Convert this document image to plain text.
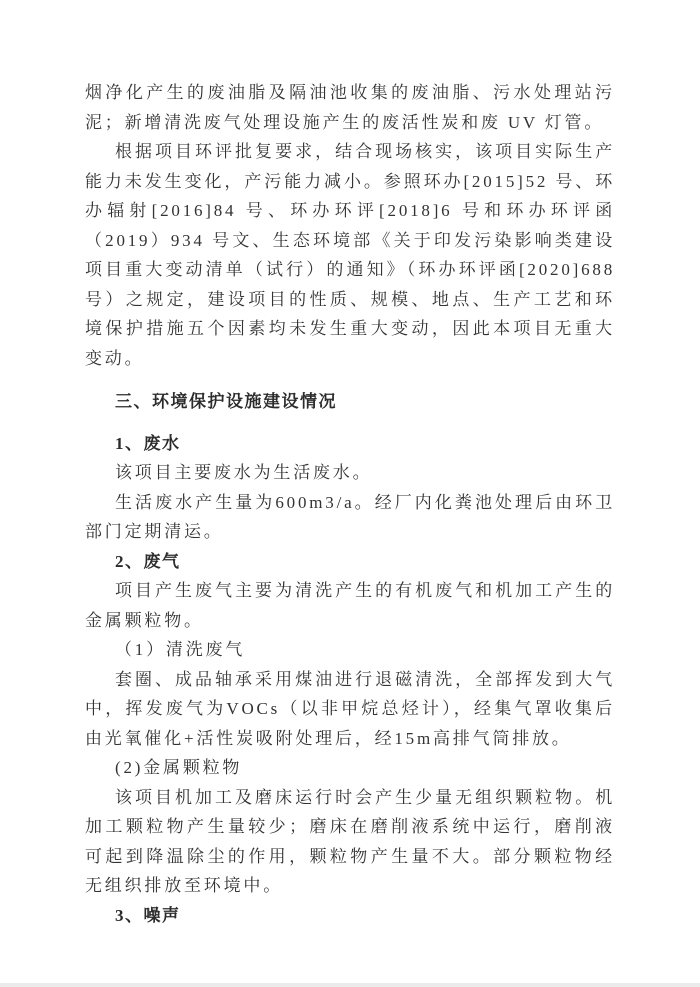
烟净化产生的废油脂及隔油池收集的废油脂、污水处理站污泥；新增清洗废气处理设施产生的废活性炭和废 UV 灯管。

根据项目环评批复要求，结合现场核实，该项目实际生产能力未发生变化，产污能力减小。参照环办[2015]52 号、环办辐射[2016]84 号、环办环评[2018]6 号和环办环评函（2019）934 号文、生态环境部《关于印发污染影响类建设项目重大变动清单（试行）的通知》（环办环评函[2020]688 号）之规定，建设项目的性质、规模、地点、生产工艺和环境保护措施五个因素均未发生重大变动，因此本项目无重大变动。

三、环境保护设施建设情况

1、废水

该项目主要废水为生活废水。

生活废水产生量为600m3/a。经厂内化粪池处理后由环卫部门定期清运。

2、废气

项目产生废气主要为清洗产生的有机废气和机加工产生的金属颗粒物。

（1）清洗废气

套圈、成品轴承采用煤油进行退磁清洗，全部挥发到大气中，挥发废气为VOCs（以非甲烷总烃计），经集气罩收集后由光氧催化+活性炭吸附处理后，经15m高排气筒排放。

(2)金属颗粒物

该项目机加工及磨床运行时会产生少量无组织颗粒物。机加工颗粒物产生量较少；磨床在磨削液系统中运行，磨削液可起到降温除尘的作用，颗粒物产生量不大。部分颗粒物经无组织排放至环境中。

3、噪声
